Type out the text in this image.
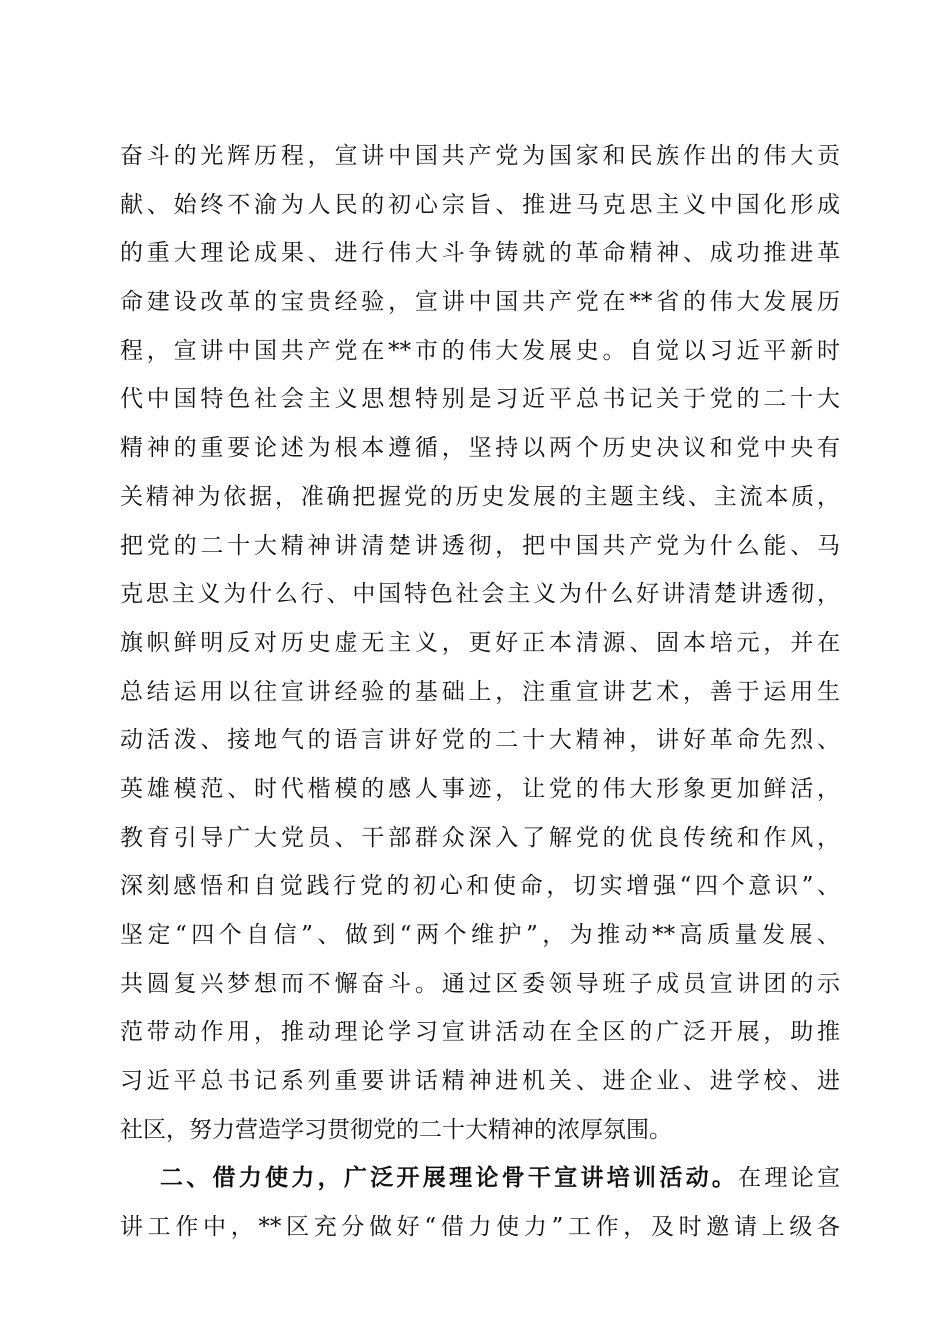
奋斗的光辉历程，宣讲中国共产党为国家和民族作出的伟大贡
献、始终不渝为人民的初心宗旨、推进马克思主义中国化形成
的重大理论成果、进行伟大斗争铸就的革命精神、成功推进革
命建设改革的宝贵经验，宣讲中国共产党在**省的伟大发展历
程，宣讲中国共产党在**市的伟大发展史。自觉以习近平新时
代中国特色社会主义思想特别是习近平总书记关于党的二十大
精神的重要论述为根本遵循，坚持以两个历史决议和党中央有
关精神为依据，准确把握党的历史发展的主题主线、主流本质，
把党的二十大精神讲清楚讲透彻，把中国共产党为什么能、马
克思主义为什么行、中国特色社会主义为什么好讲清楚讲透彻，
旗帜鲜明反对历史虚无主义，更好正本清源、固本培元，并在
总结运用以往宣讲经验的基础上，注重宣讲艺术，善于运用生
动活泼、接地气的语言讲好党的二十大精神，讲好革命先烈、
英雄模范、时代楷模的感人事迹，让党的伟大形象更加鲜活，
教育引导广大党员、干部群众深入了解党的优良传统和作风，
深刻感悟和自觉践行党的初心和使命，切实增强“四个意识”、
坚定“四个自信”、做到“两个维护”，为推动**高质量发展、
共圆复兴梦想而不懈奋斗。通过区委领导班子成员宣讲团的示
范带动作用，推动理论学习宣讲活动在全区的广泛开展，助推
习近平总书记系列重要讲话精神进机关、进企业、进学校、进
社区，努力营造学习贯彻党的二十大精神的浓厚氛围。
二、借力使力，广泛开展理论骨干宣讲培训活动。在理论宣
讲工作中，**区充分做好“借力使力”工作，及时邀请上级各
